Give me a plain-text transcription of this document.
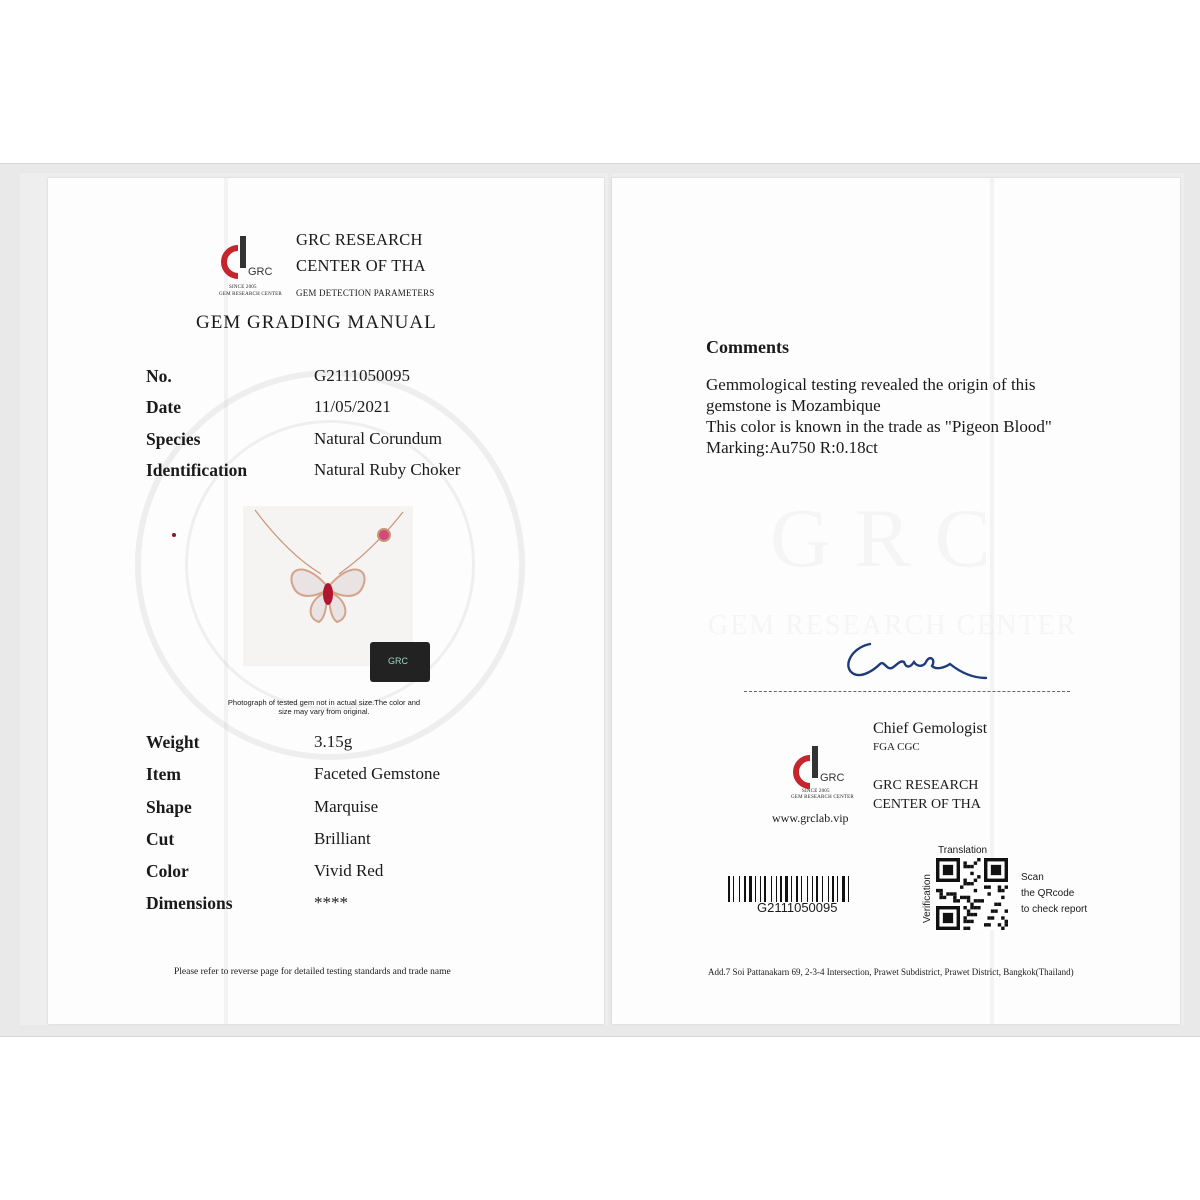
GRC
SINCE 2005
GEM RESEARCH CENTER
GRC RESEARCH
CENTER OF THA
GEM DETECTION PARAMETERS
GEM GRADING MANUAL
No.	G2111050095
Date	11/05/2021
Species	Natural Corundum
Identification	Natural Ruby Choker
GRC
Photograph of tested gem not in actual size.The color and size may vary from original.
Weight	3.15g
Item	Faceted Gemstone
Shape	Marquise
Cut	Brilliant
Color	Vivid Red
Dimensions	****
Please refer to reverse page for detailed testing standards and trade name
Comments
Gemmological testing revealed the origin of this
gemstone is Mozambique
This color is known in the trade as "Pigeon Blood"
Marking:Au750 R:0.18ct
GRC
GEM RESEARCH CENTER
Chief Gemologist
FGA CGC
GRC RESEARCH
CENTER OF THA
GRC
SINCE 2005
GEM RESEARCH CENTER
www.grclab.vip
G2111050095
Translation
Verification	Scan
the QRcode
to check report
Add.7 Soi Pattanakarn 69, 2-3-4 Intersection, Prawet Subdistrict, Prawet District, Bangkok(Thailand)
